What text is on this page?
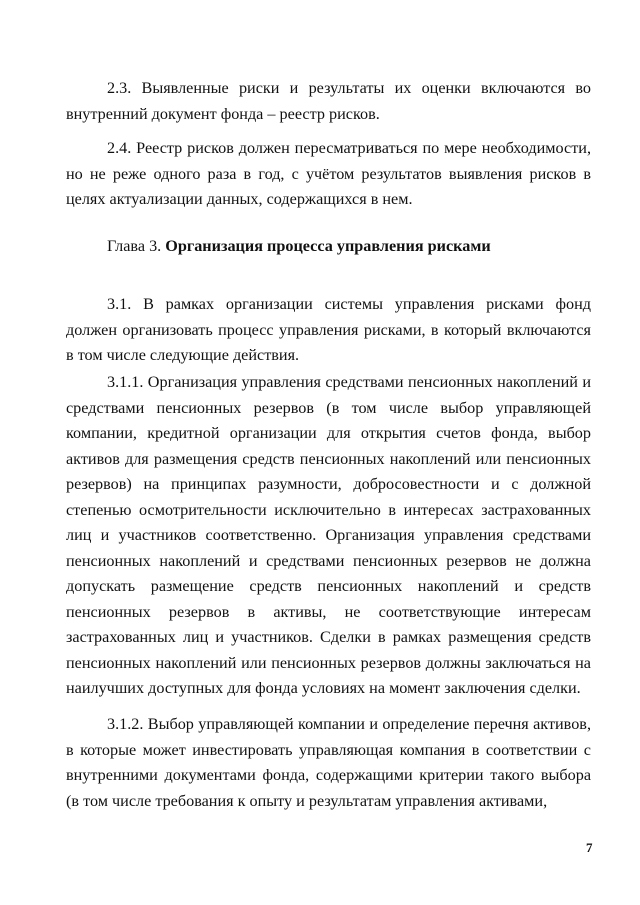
2.3. Выявленные риски и результаты их оценки включаются во внутренний документ фонда – реестр рисков.

2.4. Реестр рисков должен пересматриваться по мере необходимости, но не реже одного раза в год, с учётом результатов выявления рисков в целях актуализации данных, содержащихся в нем.

Глава 3. Организация процесса управления рисками

3.1. В рамках организации системы управления рисками фонд должен организовать процесс управления рисками, в который включаются в том числе следующие действия.

3.1.1. Организация управления средствами пенсионных накоплений и средствами пенсионных резервов (в том числе выбор управляющей компании, кредитной организации для открытия счетов фонда, выбор активов для размещения средств пенсионных накоплений или пенсионных резервов) на принципах разумности, добросовестности и с должной степенью осмотрительности исключительно в интересах застрахованных лиц и участников соответственно. Организация управления средствами пенсионных накоплений и средствами пенсионных резервов не должна допускать размещение средств пенсионных накоплений и средств пенсионных резервов в активы, не соответствующие интересам застрахованных лиц и участников. Сделки в рамках размещения средств пенсионных накоплений или пенсионных резервов должны заключаться на наилучших доступных для фонда условиях на момент заключения сделки.

3.1.2. Выбор управляющей компании и определение перечня активов, в которые может инвестировать управляющая компания в соответствии с внутренними документами фонда, содержащими критерии такого выбора (в том числе требования к опыту и результатам управления активами,

7
